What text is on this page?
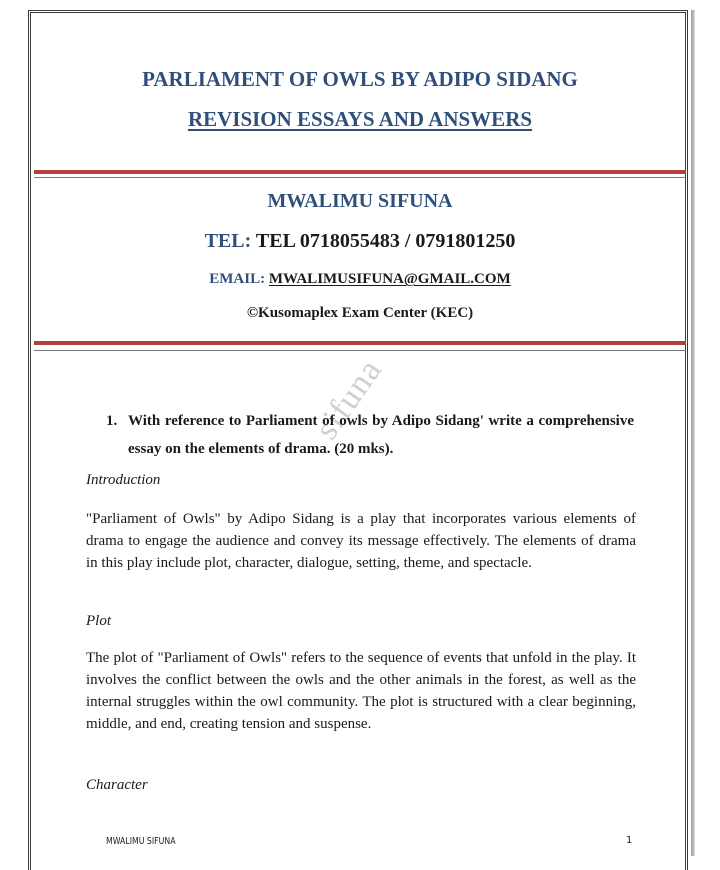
PARLIAMENT OF OWLS BY ADIPO SIDANG
REVISION ESSAYS AND ANSWERS
MWALIMU SIFUNA
TEL: TEL 0718055483 / 0791801250
EMAIL: MWALIMUSIFUNA@GMAIL.COM
©Kusomaplex Exam Center (KEC)
sifuna
1. With reference to Parliament of owls by Adipo Sidang' write a comprehensive essay on the elements of drama. (20 mks).
Introduction
"Parliament of Owls" by Adipo Sidang is a play that incorporates various elements of drama to engage the audience and convey its message effectively. The elements of drama in this play include plot, character, dialogue, setting, theme, and spectacle.
Plot
The plot of "Parliament of Owls" refers to the sequence of events that unfold in the play. It involves the conflict between the owls and the other animals in the forest, as well as the internal struggles within the owl community. The plot is structured with a clear beginning, middle, and end, creating tension and suspense.
Character
MWALIMU SIFUNA	1
